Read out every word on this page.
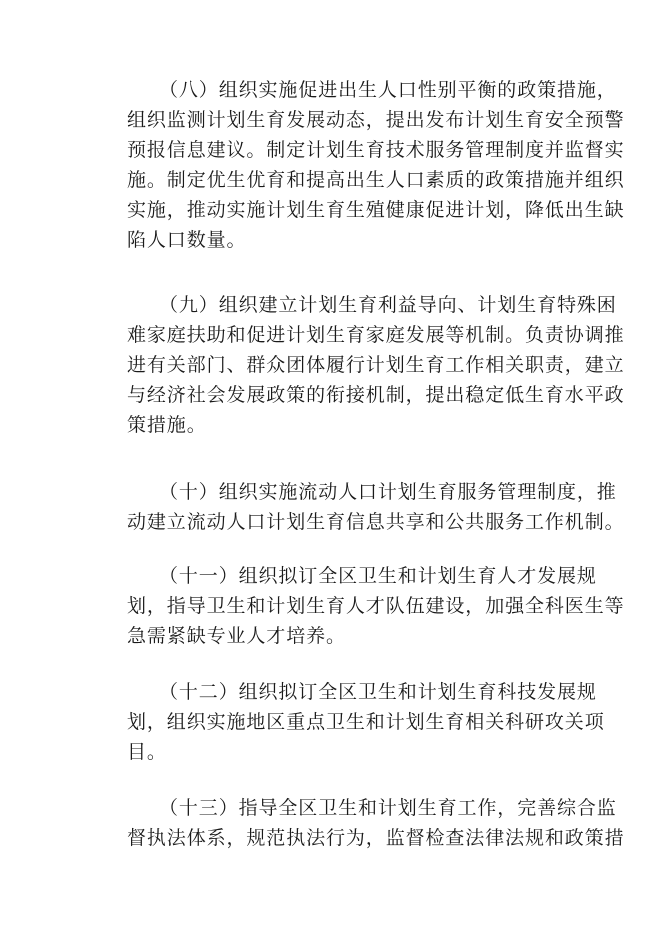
（八）组织实施促进出生人口性别平衡的政策措施，
组织监测计划生育发展动态，提出发布计划生育安全预警
预报信息建议。制定计划生育技术服务管理制度并监督实
施。制定优生优育和提高出生人口素质的政策措施并组织
实施，推动实施计划生育生殖健康促进计划，降低出生缺
陷人口数量。
（九）组织建立计划生育利益导向、计划生育特殊困
难家庭扶助和促进计划生育家庭发展等机制。负责协调推
进有关部门、群众团体履行计划生育工作相关职责，建立
与经济社会发展政策的衔接机制，提出稳定低生育水平政
策措施。
（十）组织实施流动人口计划生育服务管理制度，推
动建立流动人口计划生育信息共享和公共服务工作机制。
（十一）组织拟订全区卫生和计划生育人才发展规
划，指导卫生和计划生育人才队伍建设，加强全科医生等
急需紧缺专业人才培养。
（十二）组织拟订全区卫生和计划生育科技发展规
划，组织实施地区重点卫生和计划生育相关科研攻关项
目。
（十三）指导全区卫生和计划生育工作，完善综合监
督执法体系，规范执法行为，监督检查法律法规和政策措
